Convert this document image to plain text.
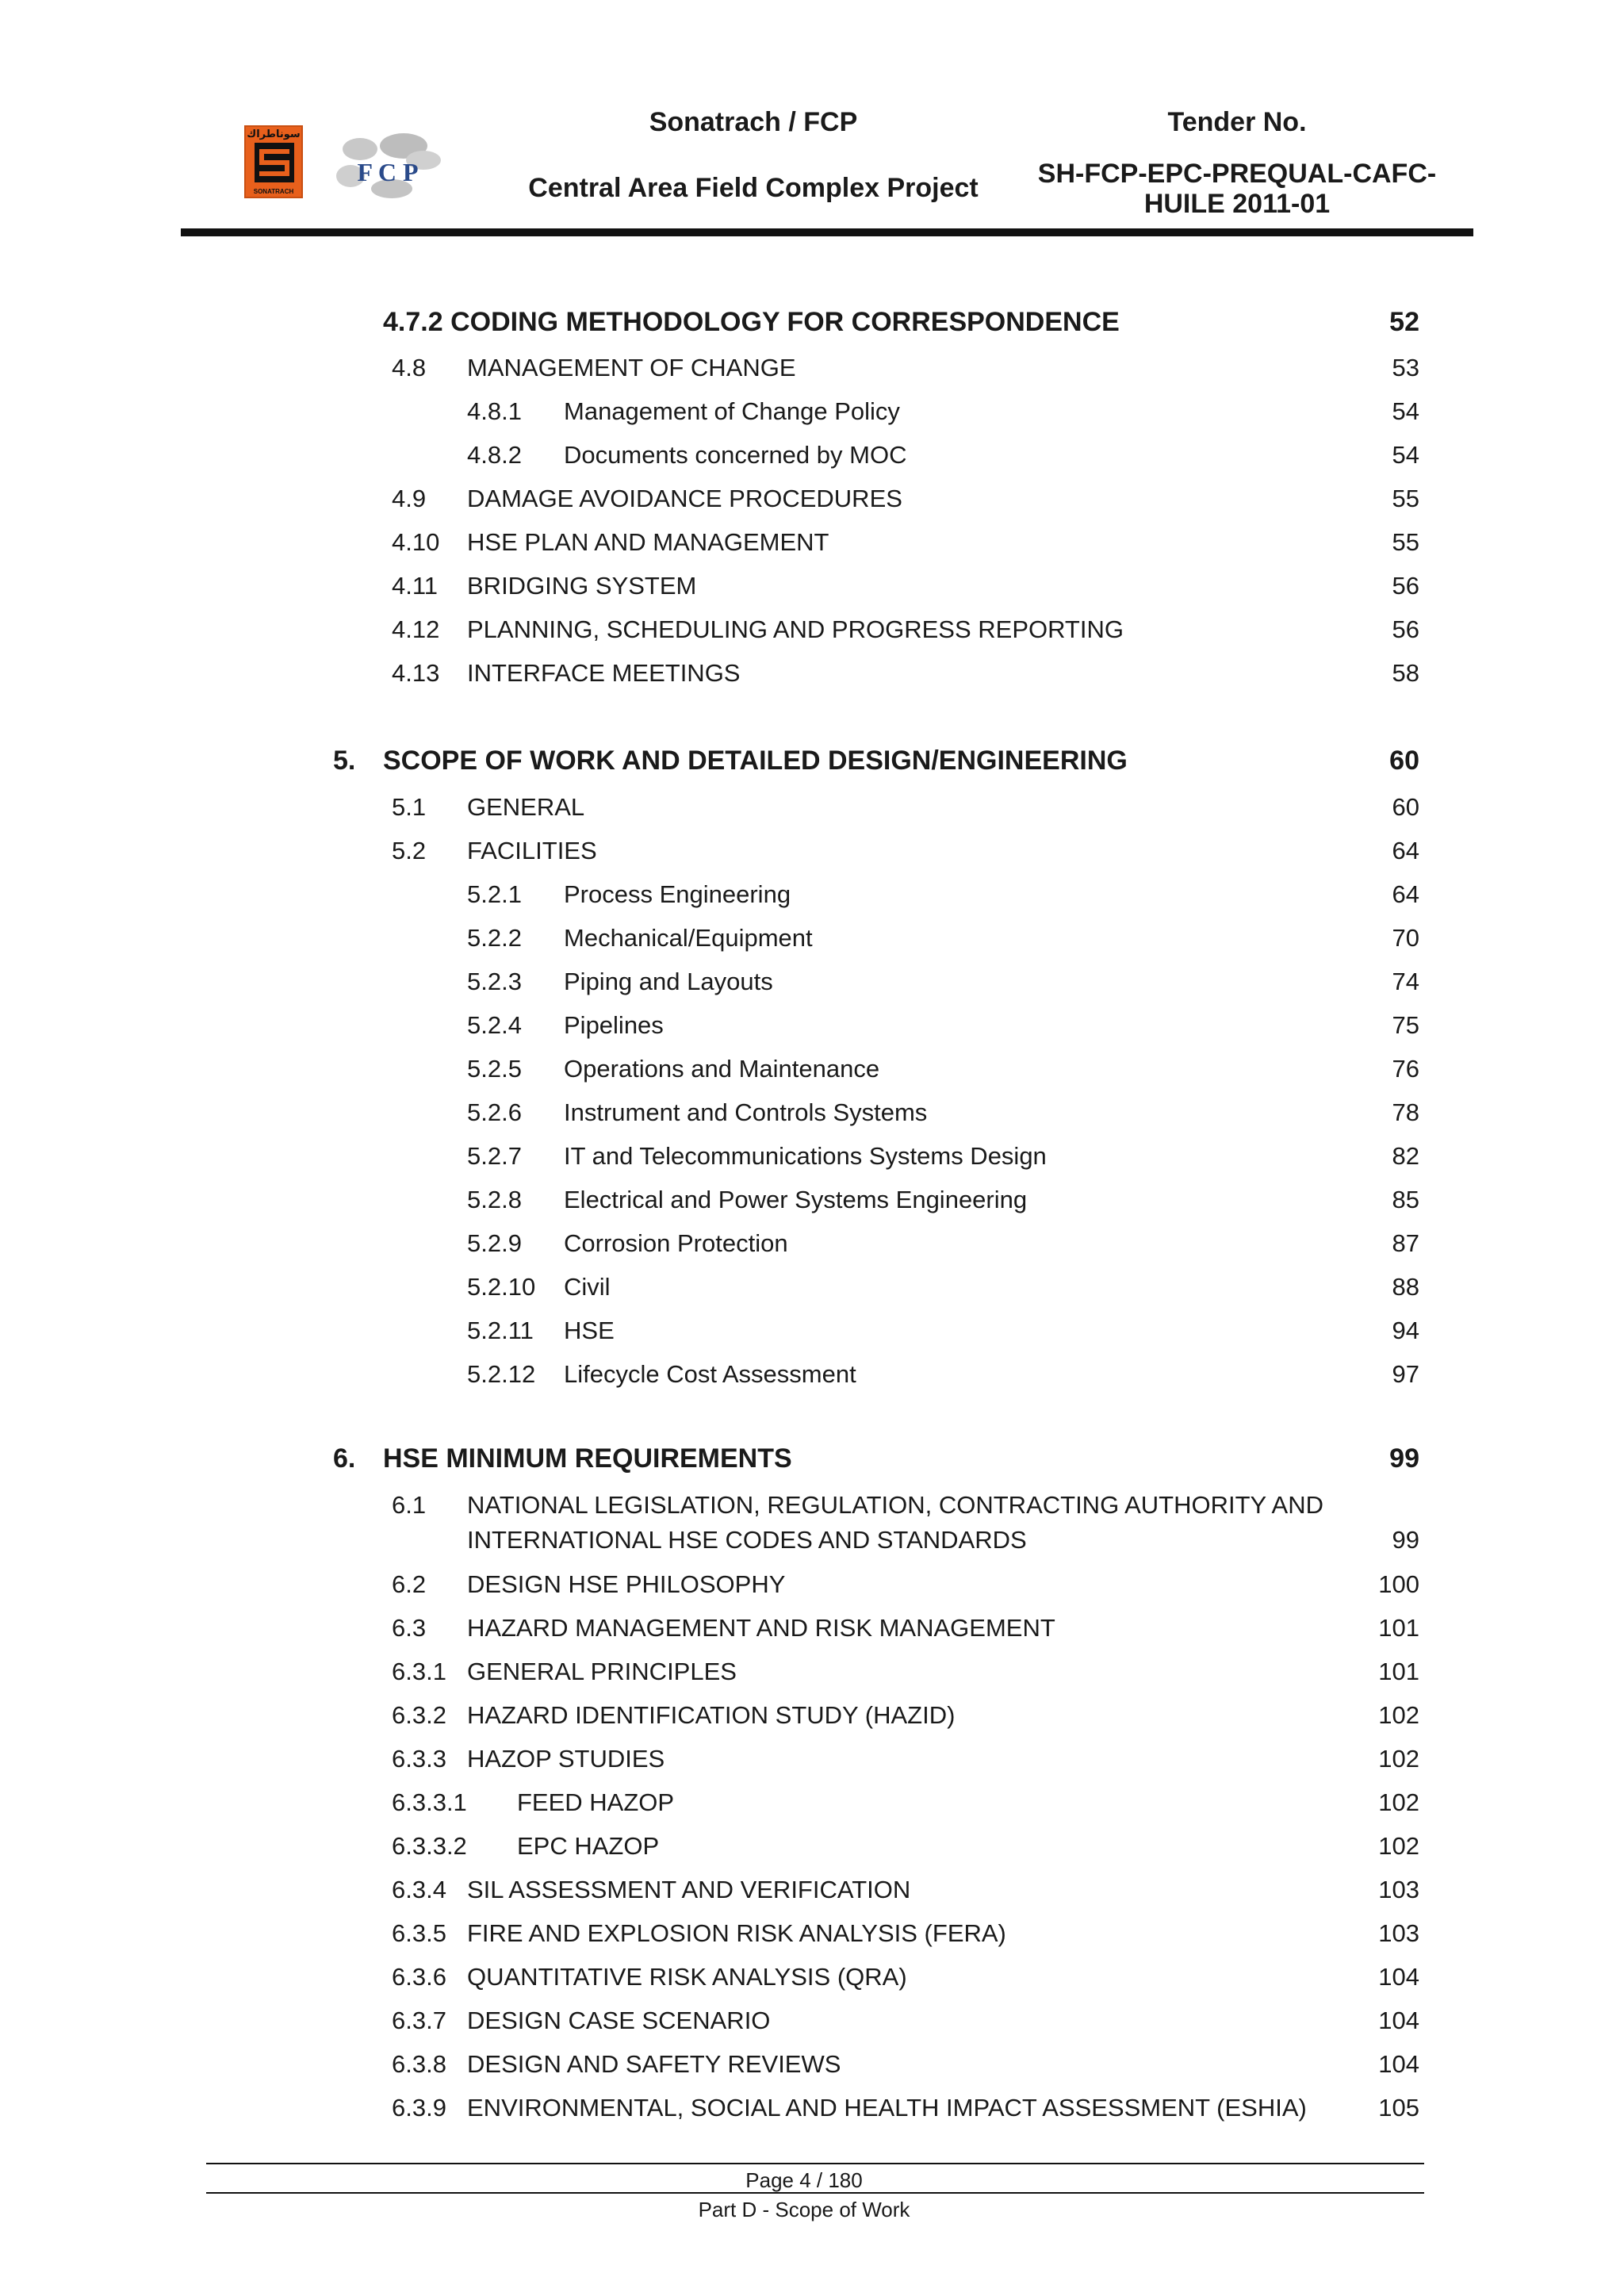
سوناطراك
SONATRACH
F C P
Sonatrach / FCP
Central Area Field Complex Project
Tender No.
SH-FCP-EPC-PREQUAL-CAFC-
HUILE 2011-01
4.7.2 CODING METHODOLOGY FOR CORRESPONDENCE	52
4.8 MANAGEMENT OF CHANGE	53
4.8.1 Management of Change Policy	54
4.8.2 Documents concerned by MOC	54
4.9 DAMAGE AVOIDANCE PROCEDURES	55
4.10 HSE PLAN AND MANAGEMENT	55
4.11 BRIDGING SYSTEM	56
4.12 PLANNING, SCHEDULING AND PROGRESS REPORTING	56
4.13 INTERFACE MEETINGS	58
5. SCOPE OF WORK AND DETAILED DESIGN/ENGINEERING	60
5.1 GENERAL	60
5.2 FACILITIES	64
5.2.1 Process Engineering	64
5.2.2 Mechanical/Equipment	70
5.2.3 Piping and Layouts	74
5.2.4 Pipelines	75
5.2.5 Operations and Maintenance	76
5.2.6 Instrument and Controls Systems	78
5.2.7 IT and Telecommunications Systems Design	82
5.2.8 Electrical and Power Systems Engineering	85
5.2.9 Corrosion Protection	87
5.2.10 Civil	88
5.2.11 HSE	94
5.2.12 Lifecycle Cost Assessment	97
6. HSE MINIMUM REQUIREMENTS	99
6.1 NATIONAL LEGISLATION, REGULATION, CONTRACTING AUTHORITY AND
INTERNATIONAL HSE CODES AND STANDARDS	99
6.2 DESIGN HSE PHILOSOPHY	100
6.3 HAZARD MANAGEMENT AND RISK MANAGEMENT	101
6.3.1 GENERAL PRINCIPLES	101
6.3.2 HAZARD IDENTIFICATION STUDY (HAZID)	102
6.3.3 HAZOP STUDIES	102
6.3.3.1 FEED HAZOP	102
6.3.3.2 EPC HAZOP	102
6.3.4 SIL ASSESSMENT AND VERIFICATION	103
6.3.5 FIRE AND EXPLOSION RISK ANALYSIS (FERA)	103
6.3.6 QUANTITATIVE RISK ANALYSIS (QRA)	104
6.3.7 DESIGN CASE SCENARIO	104
6.3.8 DESIGN AND SAFETY REVIEWS	104
6.3.9 ENVIRONMENTAL, SOCIAL AND HEALTH IMPACT ASSESSMENT (ESHIA)	105
Page 4 / 180
Part D - Scope of Work
